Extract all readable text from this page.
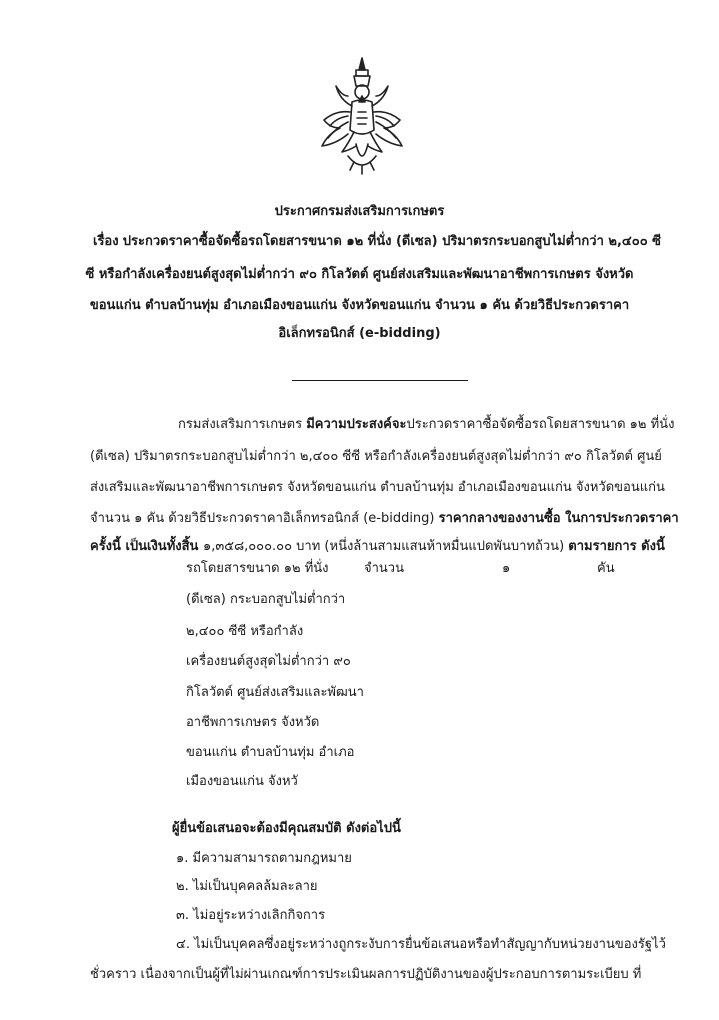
ประกาศกรมส่งเสริมการเกษตร
เรื่อง ประกวดราคาซื้อจัดซื้อรถโดยสารขนาด ๑๒ ที่นั่ง (ดีเซล) ปริมาตรกระบอกสูบไม่ต่ำกว่า ๒,๔๐๐ ซี
ซี หรือกำลังเครื่องยนต์สูงสุดไม่ต่ำกว่า ๙๐ กิโลวัตต์ ศูนย์ส่งเสริมและพัฒนาอาชีพการเกษตร จังหวัด
ขอนแก่น ตำบลบ้านทุ่ม อำเภอเมืองขอนแก่น จังหวัดขอนแก่น จำนวน ๑ คัน ด้วยวิธีประกวดราคา
อิเล็กทรอนิกส์ (e-bidding)
กรมส่งเสริมการเกษตร มีความประสงค์จะประกวดราคาซื้อจัดซื้อรถโดยสารขนาด ๑๒ ที่นั่ง
(ดีเซล) ปริมาตรกระบอกสูบไม่ต่ำกว่า ๒,๔๐๐ ซีซี หรือกำลังเครื่องยนต์สูงสุดไม่ต่ำกว่า ๙๐ กิโลวัตต์ ศูนย์
ส่งเสริมและพัฒนาอาชีพการเกษตร จังหวัดขอนแก่น ตำบลบ้านทุ่ม อำเภอเมืองขอนแก่น จังหวัดขอนแก่น
จำนวน ๑ คัน ด้วยวิธีประกวดราคาอิเล็กทรอนิกส์ (e-bidding) ราคากลางของงานซื้อ ในการประกวดราคา
ครั้งนี้ เป็นเงินทั้งสิ้น ๑,๓๕๘,๐๐๐.๐๐ บาท (หนึ่งล้านสามแสนห้าหมื่นแปดพันบาทถ้วน) ตามรายการ ดังนี้
รถโดยสารขนาด ๑๒ ที่นั่ง
(ดีเซล) กระบอกสูบไม่ต่ำกว่า
๒,๔๐๐ ซีซี หรือกำลัง
เครื่องยนต์สูงสุดไม่ต่ำกว่า ๙๐
กิโลวัตต์ ศูนย์ส่งเสริมและพัฒนา
อาชีพการเกษตร จังหวัด
ขอนแก่น ตำบลบ้านทุ่ม อำเภอ
เมืองขอนแก่น จังหวั
จำนวน	๑	คัน
ผู้ยื่นข้อเสนอจะต้องมีคุณสมบัติ ดังต่อไปนี้
๑. มีความสามารถตามกฎหมาย
๒. ไม่เป็นบุคคลล้มละลาย
๓. ไม่อยู่ระหว่างเลิกกิจการ
๔. ไม่เป็นบุคคลซึ่งอยู่ระหว่างถูกระงับการยื่นข้อเสนอหรือทำสัญญากับหน่วยงานของรัฐไว้
ชั่วคราว เนื่องจากเป็นผู้ที่ไม่ผ่านเกณฑ์การประเมินผลการปฏิบัติงานของผู้ประกอบการตามระเบียบ ที่
